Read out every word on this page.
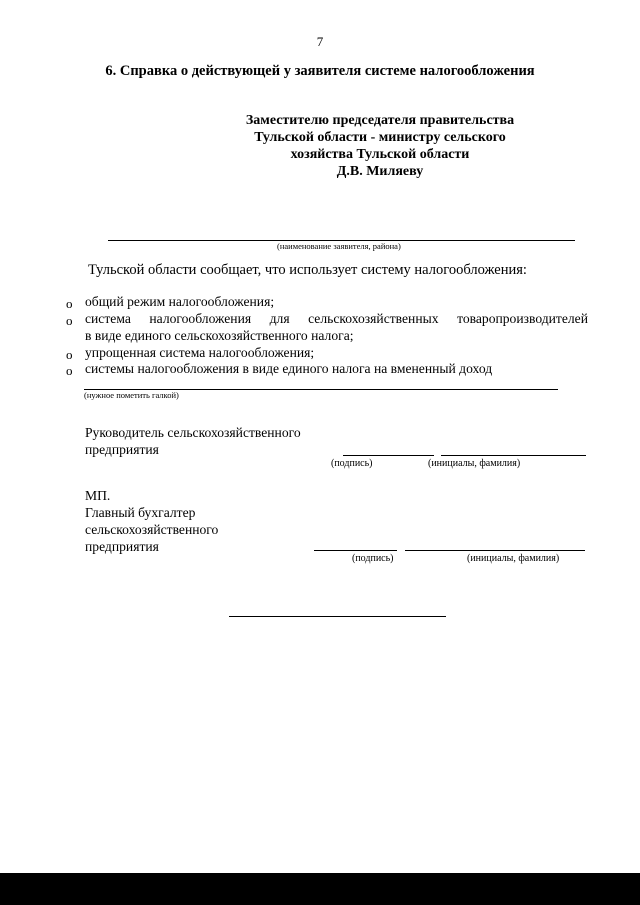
7
6. Справка о действующей у заявителя системе налогообложения
Заместителю председателя правительства
Тульской области - министру сельского
хозяйства Тульской области
Д.В. Миляеву
(наименование заявителя, района)
Тульской области сообщает, что использует систему налогообложения:
o общий режим налогообложения;
o система налогообложения для сельскохозяйственных товаропроизводителей
в виде единого сельскохозяйственного налога;
o упрощенная система налогообложения;
o системы налогообложения в виде единого налога на вмененный доход
(нужное пометить галкой)
Руководитель сельскохозяйственного
предприятия
(подпись)	(инициалы, фамилия)
МП.
Главный бухгалтер
сельскохозяйственного
предприятия
(подпись)	(инициалы, фамилия)
